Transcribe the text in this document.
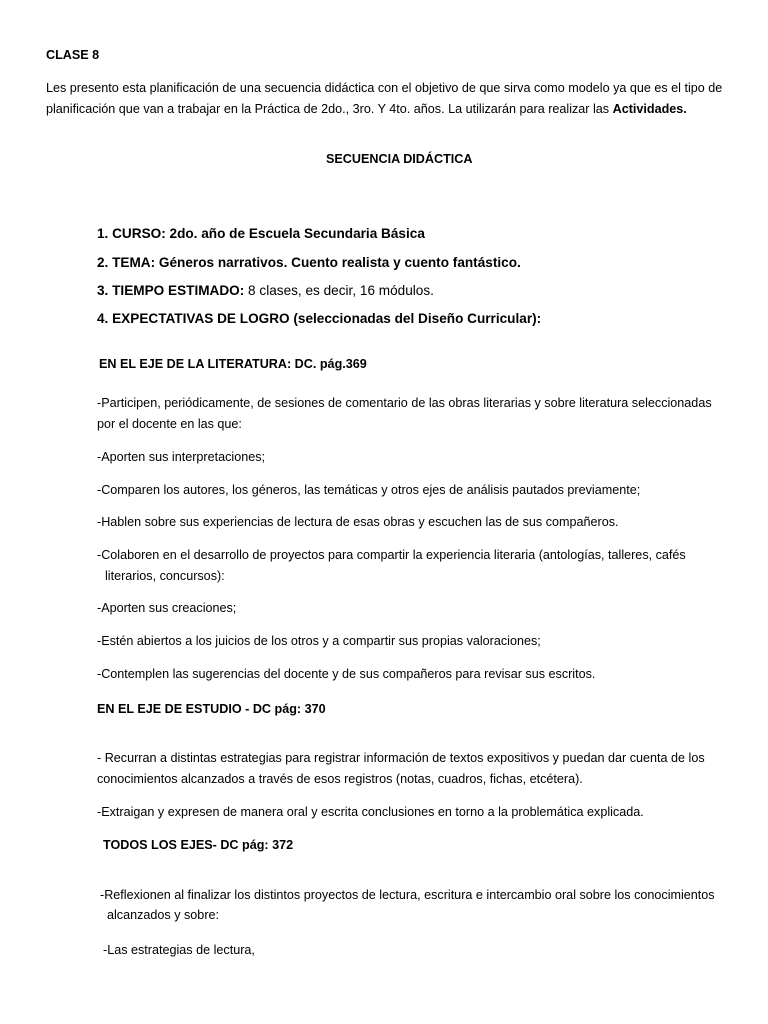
CLASE 8

Les presento esta planificación de una secuencia didáctica con el objetivo de que sirva como modelo ya que es el tipo de

planificación que van a trabajar en la Práctica de 2do., 3ro. Y 4to. años. La utilizarán para realizar las Actividades.

SECUENCIA DIDÁCTICA

1. CURSO: 2do. año de Escuela Secundaria Básica

2. TEMA: Géneros narrativos. Cuento realista y cuento fantástico.

3. TIEMPO ESTIMADO: 8 clases, es decir, 16 módulos.

4. EXPECTATIVAS DE LOGRO (seleccionadas del Diseño Curricular):

EN EL EJE DE LA LITERATURA: DC. pág.369

-Participen, periódicamente, de sesiones de comentario de las obras literarias y sobre literatura seleccionadas

por el docente en las que:

-Aporten sus interpretaciones;

-Comparen los autores, los géneros, las temáticas y otros ejes de análisis pautados previamente;

-Hablen sobre sus experiencias de lectura de esas obras y escuchen las de sus compañeros.

-Colaboren en el desarrollo de proyectos para compartir la experiencia literaria (antologías, talleres, cafés

literarios, concursos):

-Aporten sus creaciones;

-Estén abiertos a los juicios de los otros y a compartir sus propias valoraciones;

-Contemplen las sugerencias del docente y de sus compañeros para revisar sus escritos.

EN EL EJE DE ESTUDIO - DC pág: 370

- Recurran a distintas estrategias para registrar información de textos expositivos y puedan dar cuenta de los

conocimientos alcanzados a través de esos registros (notas, cuadros, fichas, etcétera).

-Extraigan y expresen de manera oral y escrita conclusiones en torno a la problemática explicada.

TODOS LOS EJES- DC pág: 372

-Reflexionen al finalizar los distintos proyectos de lectura, escritura e intercambio oral sobre los conocimientos

alcanzados y sobre:

-Las estrategias de lectura,
